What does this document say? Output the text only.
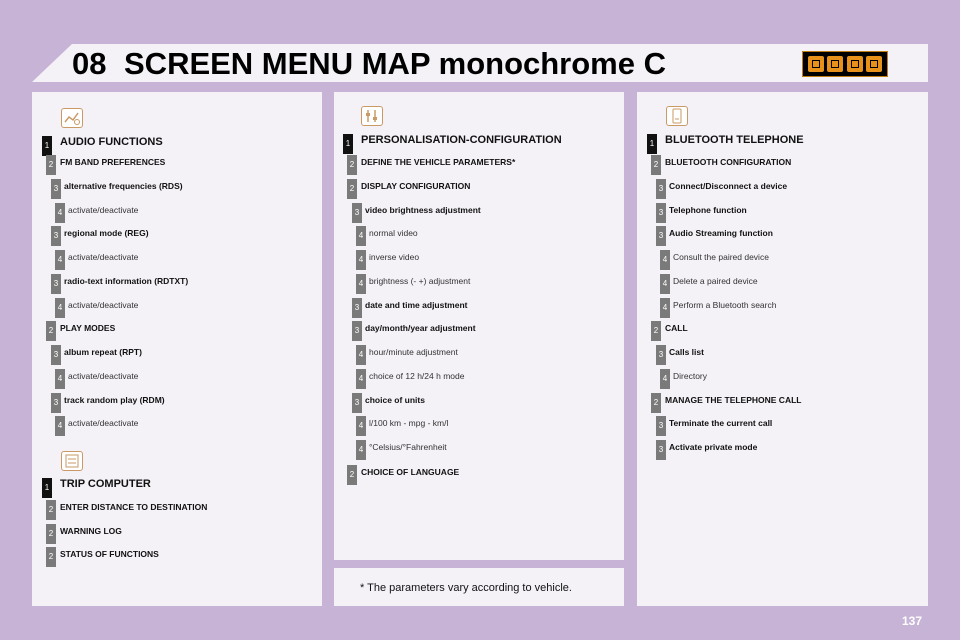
08 SCREEN MENU MAP monochrome C
* The parameters vary according to vehicle.
137
1 AUDIO FUNCTIONS
2 FM BAND PREFERENCES
3 alternative frequencies (RDS)
4 activate/deactivate
3 regional mode (REG)
4 activate/deactivate
3 radio-text information (RDTXT)
4 activate/deactivate
2 PLAY MODES
3 album repeat (RPT)
4 activate/deactivate
3 track random play (RDM)
4 activate/deactivate
1 TRIP COMPUTER
2 ENTER DISTANCE TO DESTINATION
2 WARNING LOG
2 STATUS OF FUNCTIONS
1 PERSONALISATION-CONFIGURATION
2 DEFINE THE VEHICLE PARAMETERS*
2 DISPLAY CONFIGURATION
3 video brightness adjustment
4 normal video
4 inverse video
4 brightness (- +) adjustment
3 date and time adjustment
3 day/month/year adjustment
4 hour/minute adjustment
4 choice of 12 h/24 h mode
3 choice of units
4 l/100 km - mpg - km/l
4 °Celsius/°Fahrenheit
2 CHOICE OF LANGUAGE
1 BLUETOOTH TELEPHONE
2 BLUETOOTH CONFIGURATION
3 Connect/Disconnect a device
3 Telephone function
3 Audio Streaming function
4 Consult the paired device
4 Delete a paired device
4 Perform a Bluetooth search
2 CALL
3 Calls list
4 Directory
2 MANAGE THE TELEPHONE CALL
3 Terminate the current call
3 Activate private mode
